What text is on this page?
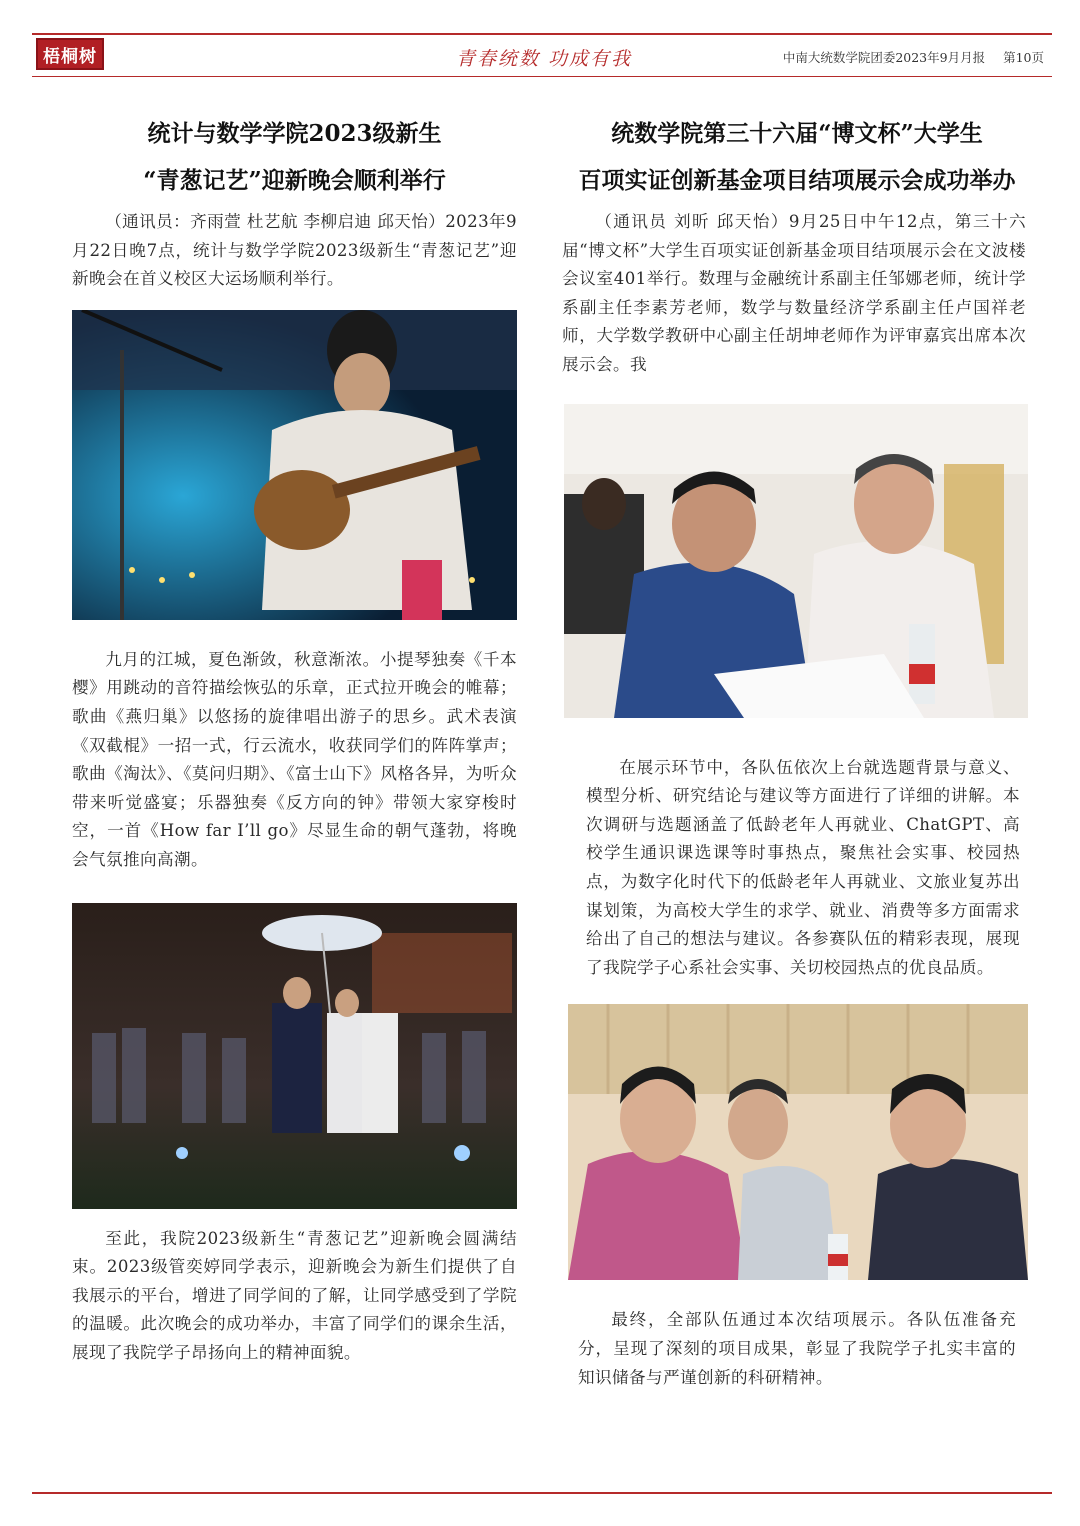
梧桐树	青春统数 功成有我	中南大统数学院团委2023年9月月报 第10页
统计与数学学院2023级新生
“青葱记艺”迎新晚会顺利举行

（通讯员：齐雨萱 杜艺航 李柳启迪 邱天怡）2023年9月22日晚7点，统计与数学学院2023级新生“青葱记艺”迎新晚会在首义校区大运场顺利举行。

九月的江城，夏色渐敛，秋意渐浓。小提琴独奏《千本樱》用跳动的音符描绘恢弘的乐章，正式拉开晚会的帷幕；歌曲《燕归巢》以悠扬的旋律唱出游子的思乡。武术表演《双截棍》一招一式，行云流水，收获同学们的阵阵掌声；歌曲《淘汰》、《莫问归期》、《富士山下》风格各异，为听众带来听觉盛宴；乐器独奏《反方向的钟》带领大家穿梭时空，一首《How far I’ll go》尽显生命的朝气蓬勃，将晚会气氛推向高潮。

至此，我院2023级新生“青葱记艺”迎新晚会圆满结束。2023级管奕婷同学表示，迎新晚会为新生们提供了自我展示的平台，增进了同学间的了解，让同学感受到了学院的温暖。此次晚会的成功举办，丰富了同学们的课余生活，展现了我院学子昂扬向上的精神面貌。

统数学院第三十六届“博文杯”大学生
百项实证创新基金项目结项展示会成功举办

（通讯员 刘昕 邱天怡）9月25日中午12点，第三十六届“博文杯”大学生百项实证创新基金项目结项展示会在文波楼会议室401举行。数理与金融统计系副主任邹娜老师，统计学系副主任李素芳老师，数学与数量经济学系副主任卢国祥老师，大学数学教研中心副主任胡坤老师作为评审嘉宾出席本次展示会。我

在展示环节中，各队伍依次上台就选题背景与意义、模型分析、研究结论与建议等方面进行了详细的讲解。本次调研与选题涵盖了低龄老年人再就业、ChatGPT、高校学生通识课选课等时事热点，聚焦社会实事、校园热点，为数字化时代下的低龄老年人再就业、文旅业复苏出谋划策，为高校大学生的求学、就业、消费等多方面需求给出了自己的想法与建议。各参赛队伍的精彩表现，展现了我院学子心系社会实事、关切校园热点的优良品质。

最终，全部队伍通过本次结项展示。各队伍准备充分，呈现了深刻的项目成果，彰显了我院学子扎实丰富的知识储备与严谨创新的科研精神。
